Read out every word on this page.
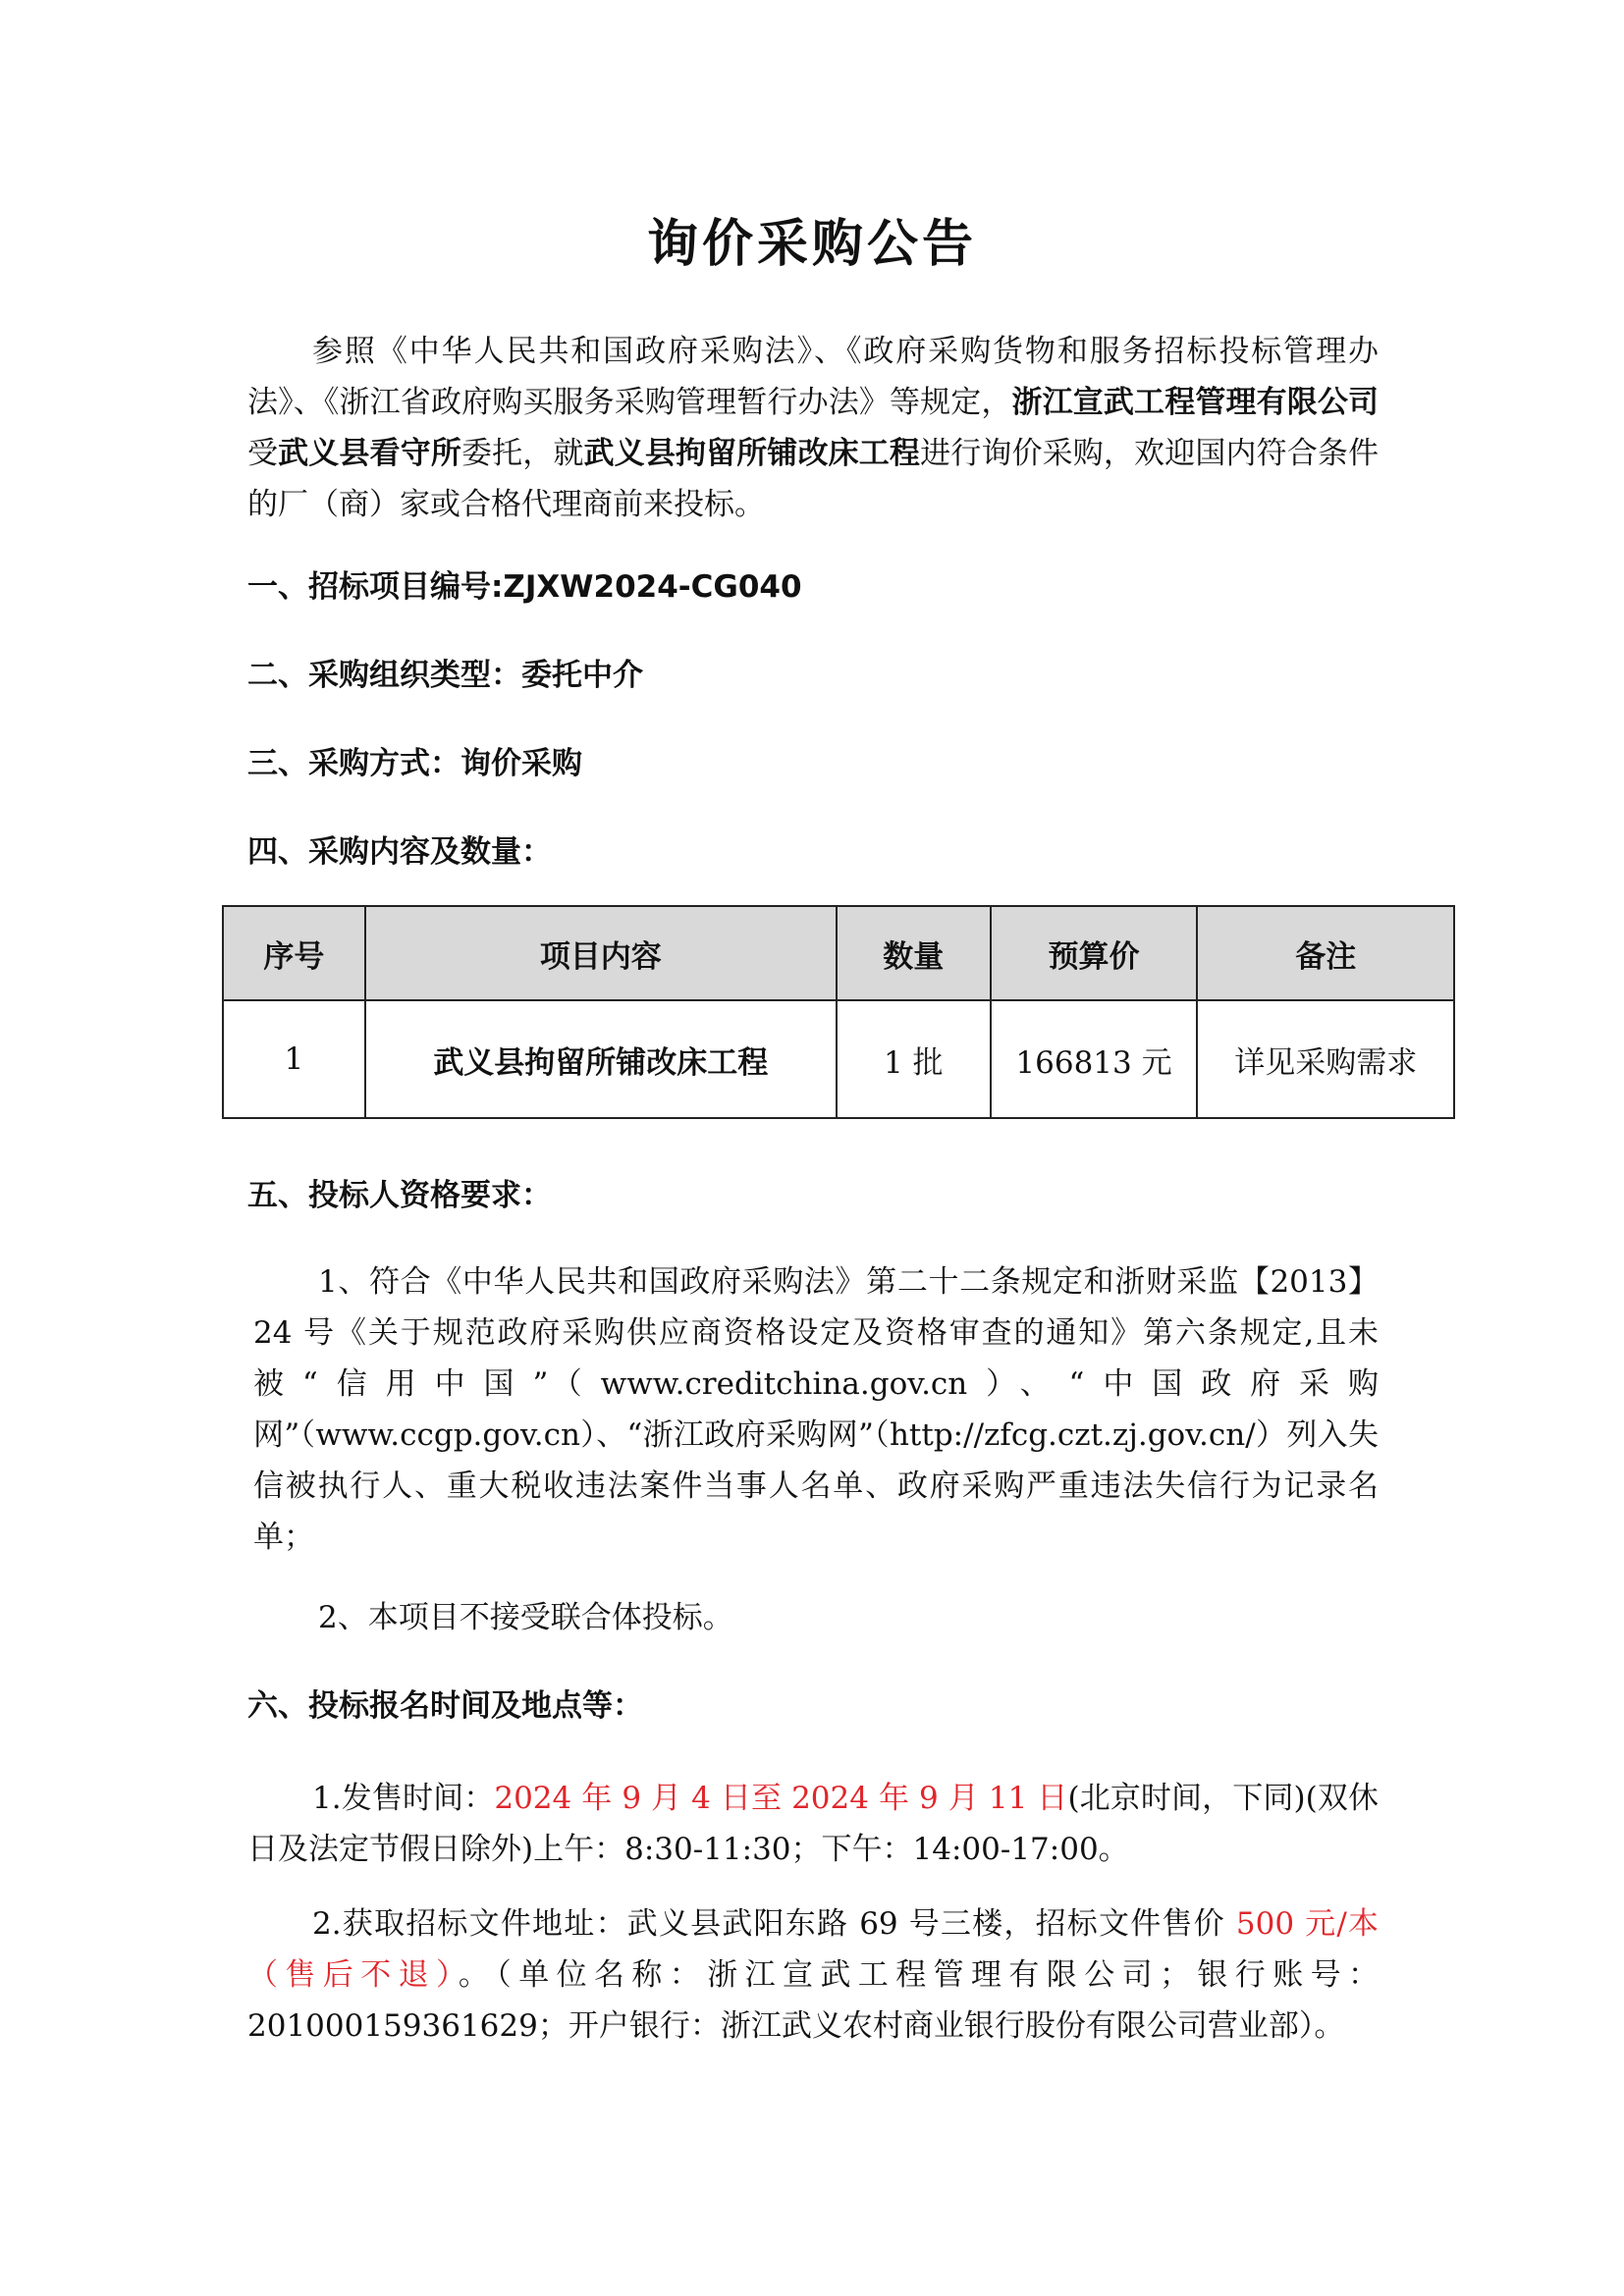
询价采购公告
参照《中华人民共和国政府采购法》、《政府采购货物和服务招标投标管理办法》、《浙江省政府购买服务采购管理暂行办法》等规定，浙江宣武工程管理有限公司受武义县看守所委托，就武义县拘留所铺改床工程进行询价采购，欢迎国内符合条件的厂（商）家或合格代理商前来投标。
一、招标项目编号:ZJXW2024-CG040
二、采购组织类型：委托中介
三、采购方式：询价采购
四、采购内容及数量：
序号	项目内容	数量	预算价	备注
1	武义县拘留所铺改床工程	1 批	166813 元	详见采购需求
五、投标人资格要求：
1、符合《中华人民共和国政府采购法》第二十二条规定和浙财采监【2013】24 号《关于规范政府采购供应商资格设定及资格审查的通知》第六条规定,且未被“信用中国”（www.creditchina.gov.cn）、“中国政府采购网”（www.ccgp.gov.cn）、“浙江政府采购网”（http://zfcg.czt.zj.gov.cn/）列入失信被执行人、重大税收违法案件当事人名单、政府采购严重违法失信行为记录名单；
2、本项目不接受联合体投标。
六、投标报名时间及地点等：
1.发售时间：2024 年 9 月 4 日至 2024 年 9 月 11 日(北京时间，下同)(双休日及法定节假日除外)上午：8:30-11:30；下午：14:00-17:00。
2.获取招标文件地址：武义县武阳东路 69 号三楼，招标文件售价 500 元/本（售后不退）。（单位名称：浙江宣武工程管理有限公司；银行账号：201000159361629；开户银行：浙江武义农村商业银行股份有限公司营业部）。
